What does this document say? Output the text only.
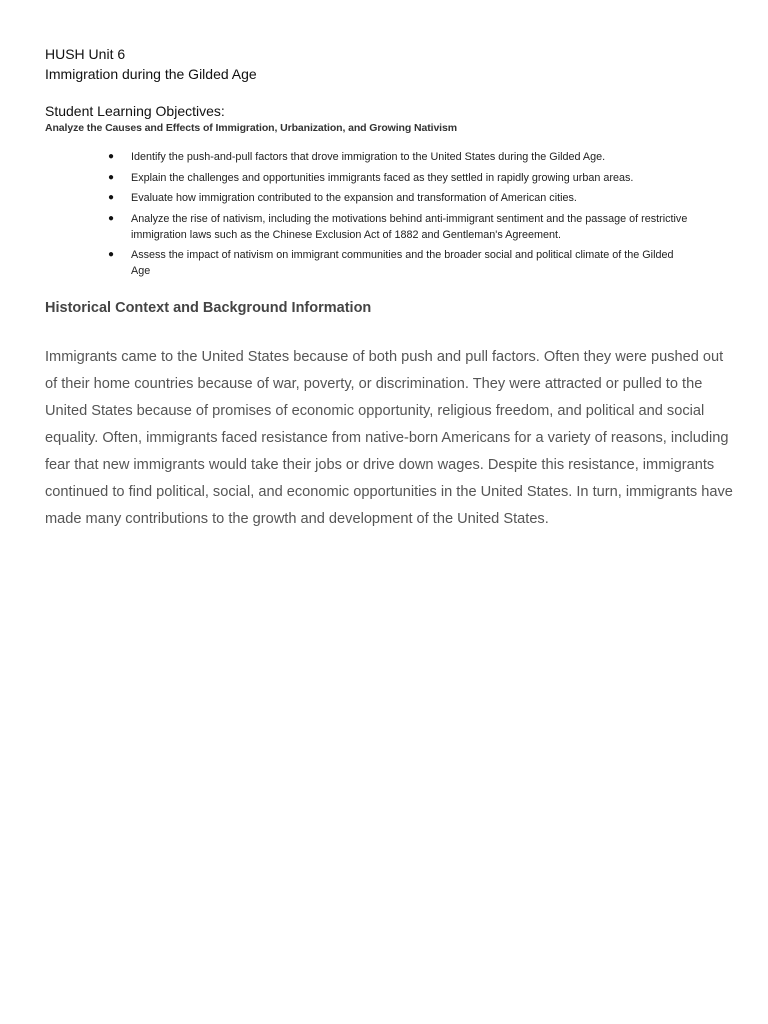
HUSH Unit 6
Immigration during the Gilded Age
Student Learning Objectives:
Analyze the Causes and Effects of Immigration, Urbanization, and Growing Nativism
● Identify the push-and-pull factors that drove immigration to the United States during the Gilded Age.
● Explain the challenges and opportunities immigrants faced as they settled in rapidly growing urban areas.
● Evaluate how immigration contributed to the expansion and transformation of American cities.
● Analyze the rise of nativism, including the motivations behind anti-immigrant sentiment and the passage of restrictive immigration laws such as the Chinese Exclusion Act of 1882 and Gentleman's Agreement.
● Assess the impact of nativism on immigrant communities and the broader social and political climate of the Gilded Age
Historical Context and Background Information

Immigrants came to the United States because of both push and pull factors. Often they were pushed out of their home countries because of war, poverty, or discrimination. They were attracted or pulled to the United States because of promises of economic opportunity, religious freedom, and political and social equality. Often, immigrants faced resistance from native-born Americans for a variety of reasons, including fear that new immigrants would take their jobs or drive down wages. Despite this resistance, immigrants continued to find political, social, and economic opportunities in the United States. In turn, immigrants have made many contributions to the growth and development of the United States.
